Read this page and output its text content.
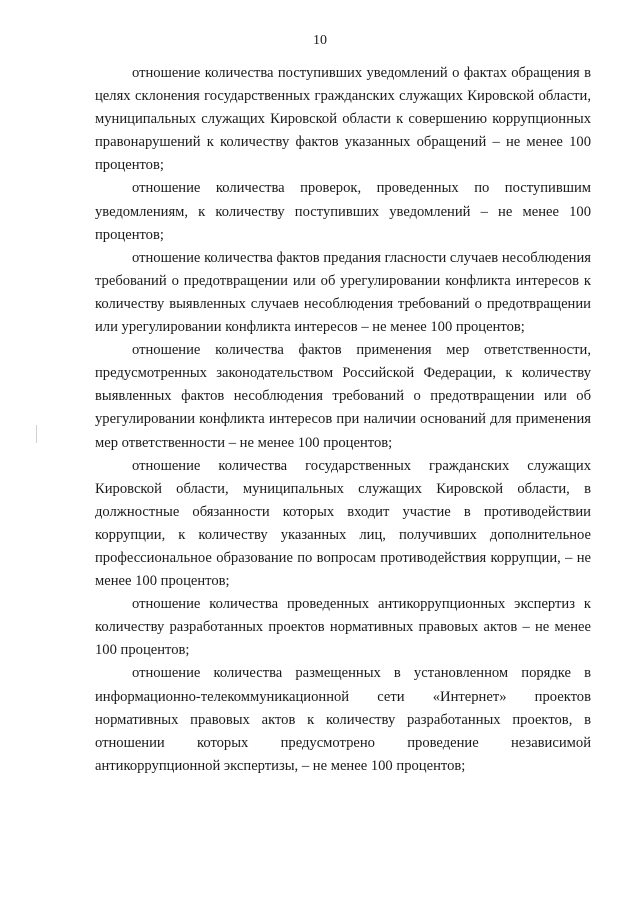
10

отношение количества поступивших уведомлений о фактах обращения в целях склонения государственных гражданских служащих Кировской области, муниципальных служащих Кировской области к совершению коррупционных правонарушений к количеству фактов указанных обращений – не менее 100 процентов;

отношение количества проверок, проведенных по поступившим уведомлениям, к количеству поступивших уведомлений – не менее 100 процентов;

отношение количества фактов предания гласности случаев несоблюдения требований о предотвращении или об урегулировании конфликта интересов к количеству выявленных случаев несоблюдения требований о предотвращении или урегулировании конфликта интересов – не менее 100 процентов;

отношение количества фактов применения мер ответственности, предусмотренных законодательством Российской Федерации, к количеству выявленных фактов несоблюдения требований о предотвращении или об урегулировании конфликта интересов при наличии оснований для применения мер ответственности – не менее 100 процентов;

отношение количества государственных гражданских служащих Кировской области, муниципальных служащих Кировской области, в должностные обязанности которых входит участие в противодействии коррупции, к количеству указанных лиц, получивших дополнительное профессиональное образование по вопросам противодействия коррупции, – не менее 100 процентов;

отношение количества проведенных антикоррупционных экспертиз к количеству разработанных проектов нормативных правовых актов – не менее 100 процентов;

отношение количества размещенных в установленном порядке в информационно-телекоммуникационной сети «Интернет» проектов нормативных правовых актов к количеству разработанных проектов, в отношении которых предусмотрено проведение независимой антикоррупционной экспертизы, – не менее 100 процентов;
